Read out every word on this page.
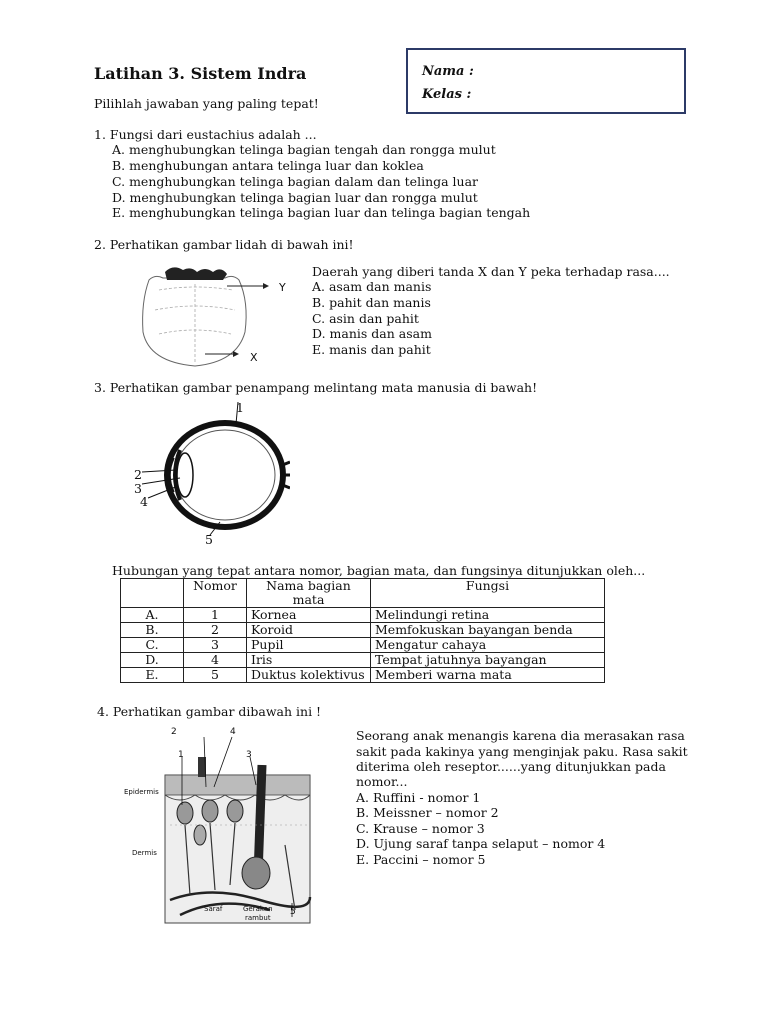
Latihan 3. Sistem Indra	Nama :
Kelas :
Pilihlah jawaban yang paling tepat!
1. Fungsi dari eustachius adalah ...
A. menghubungkan telinga bagian tengah dan rongga mulut
B. menghubungan antara telinga luar dan koklea
C. menghubungkan telinga bagian dalam dan telinga luar
D. menghubungkan telinga bagian luar dan rongga mulut
E. menghubungkan telinga bagian luar dan telinga bagian tengah
2. Perhatikan gambar lidah di bawah ini!
Y
X
Daerah yang diberi tanda X dan Y peka terhadap rasa....
A. asam dan manis
B. pahit dan manis
C. asin dan pahit
D. manis dan asam
E. manis dan pahit
3. Perhatikan gambar penampang melintang mata manusia di bawah!
1
2
3
4
5
Hubungan yang tepat antara nomor, bagian mata, dan fungsinya ditunjukkan oleh...
	Nomor	Nama bagian mata	Fungsi
A.	1	Kornea	Melindungi retina
B.	2	Koroid	Memfokuskan bayangan benda
C.	3	Pupil	Mengatur cahaya
D.	4	Iris	Tempat jatuhnya bayangan
E.	5	Duktus kolektivus	Memberi warna mata
4. Perhatikan gambar dibawah ini !
2	4
1	3
Epidermis
Dermis
Saraf	Gerakan
rambut
5
Seorang anak menangis karena dia merasakan rasa
sakit pada kakinya yang menginjak paku. Rasa sakit
diterima oleh reseptor......yang ditunjukkan pada
nomor...
A. Ruffini - nomor 1
B. Meissner – nomor 2
C. Krause – nomor 3
D. Ujung saraf tanpa selaput – nomor 4
E. Paccini – nomor 5
